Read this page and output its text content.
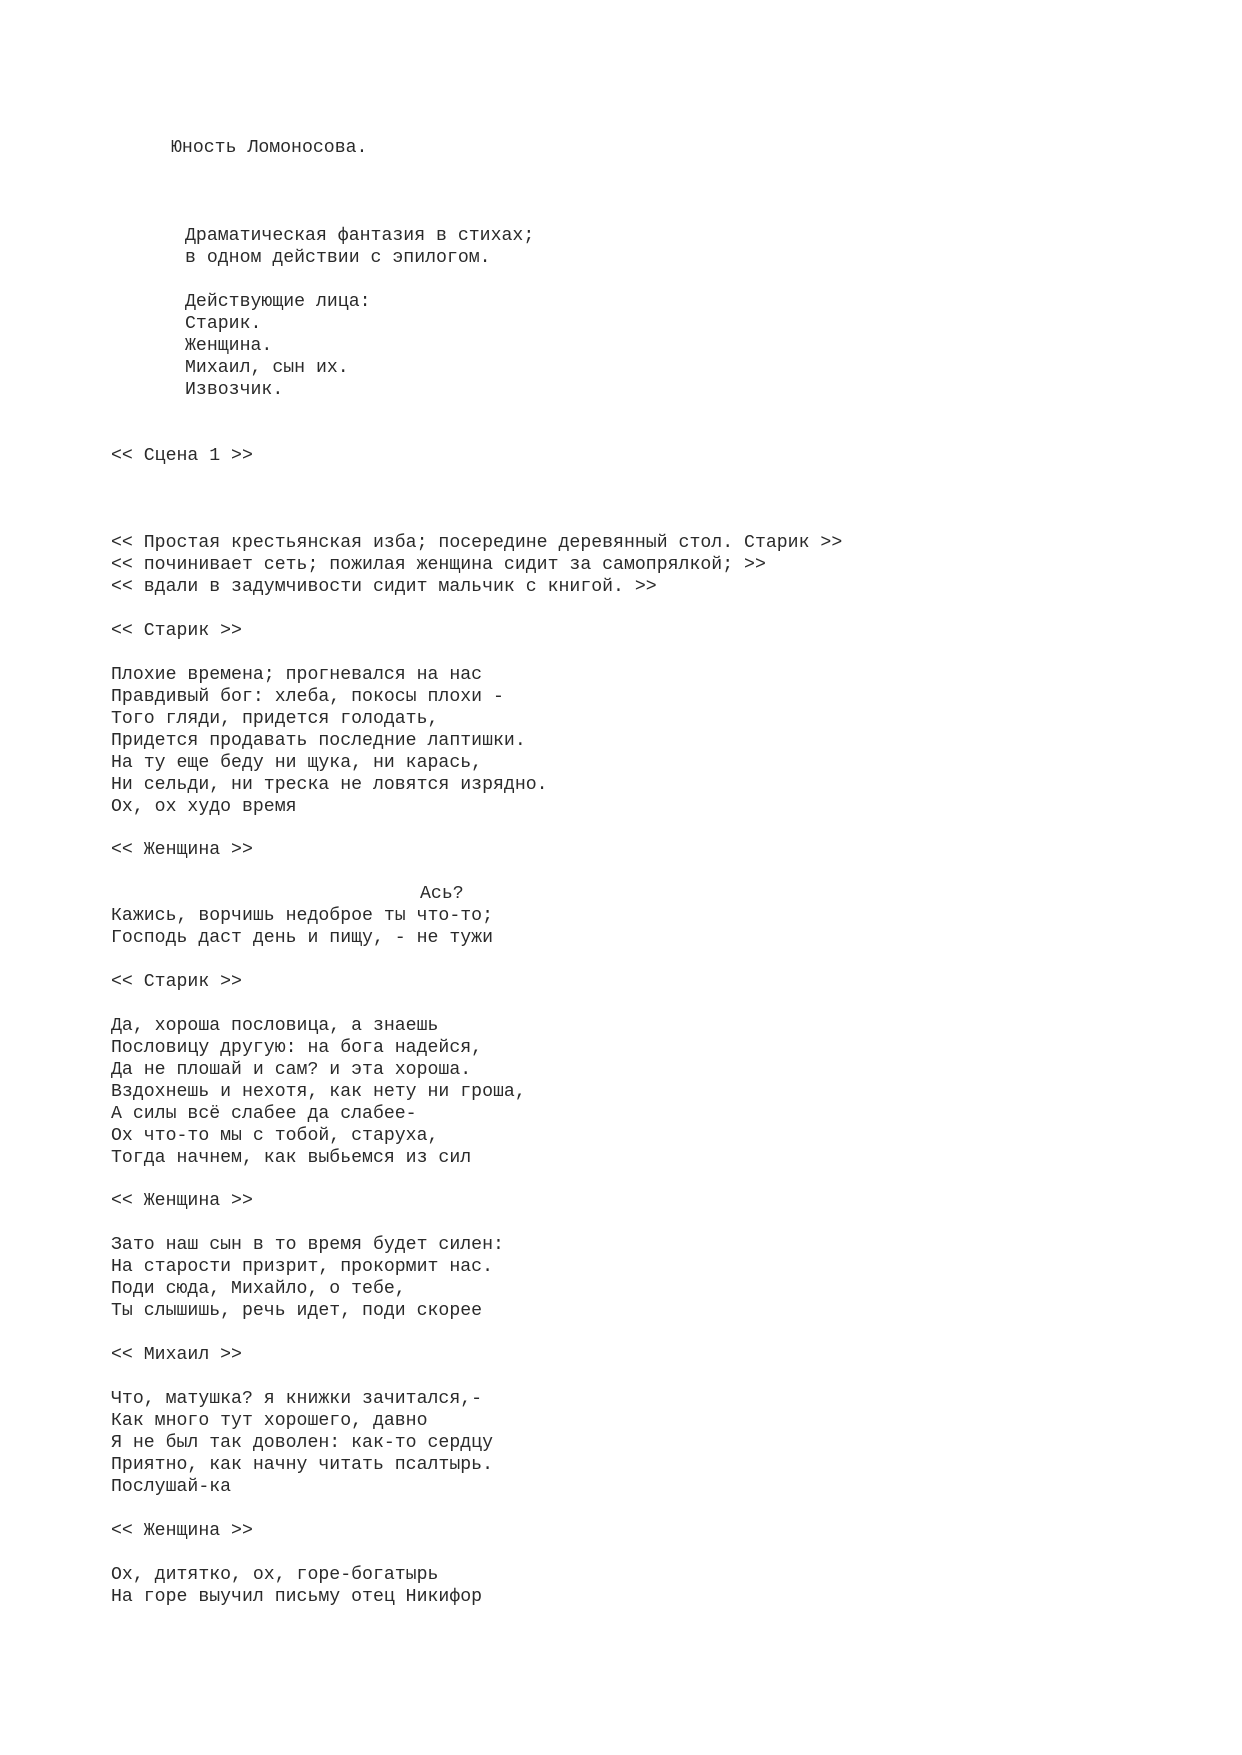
Юность Ломоносова.
Драматическая фантазия в стихах;
в одном действии с эпилогом.
Действующие лица:
Старик.
Женщина.
Михаил, сын их.
Извозчик.
<< Сцена 1 >>
<< Простая крестьянская изба; посередине деревянный стол. Старик >>
<< починивает сеть; пожилая женщина сидит за самопрялкой; >>
<< вдали в задумчивости сидит мальчик с книгой. >>
<< Старик >>
Плохие времена; прогневался на нас
Правдивый бог: хлеба, покосы плохи -
Того гляди, придется голодать,
Придется продавать последние лаптишки.
На ту еще беду ни щука, ни карась,
Ни сельди, ни треска не ловятся изрядно.
Ох, ох худо время
<< Женщина >>
Ась?
Кажись, ворчишь недоброе ты что-то;
Господь даст день и пищу, - не тужи
<< Старик >>
Да, хороша пословица, а знаешь
Пословицу другую: на бога надейся,
Да не плошай и сам? и эта хороша.
Вздохнешь и нехотя, как нету ни гроша,
А силы всё слабее да слабее-
Ох что-то мы с тобой, старуха,
Тогда начнем, как выбьемся из сил
<< Женщина >>
Зато наш сын в то время будет силен:
На старости призрит, прокормит нас.
Поди сюда, Михайло, о тебе,
Ты слышишь, речь идет, поди скорее
<< Михаил >>
Что, матушка? я книжки зачитался,-
Как много тут хорошего, давно
Я не был так доволен: как-то сердцу
Приятно, как начну читать псалтырь.
Послушай-ка
<< Женщина >>
Ох, дитятко, ох, горе-богатырь
На горе выучил письму отец Никифор
